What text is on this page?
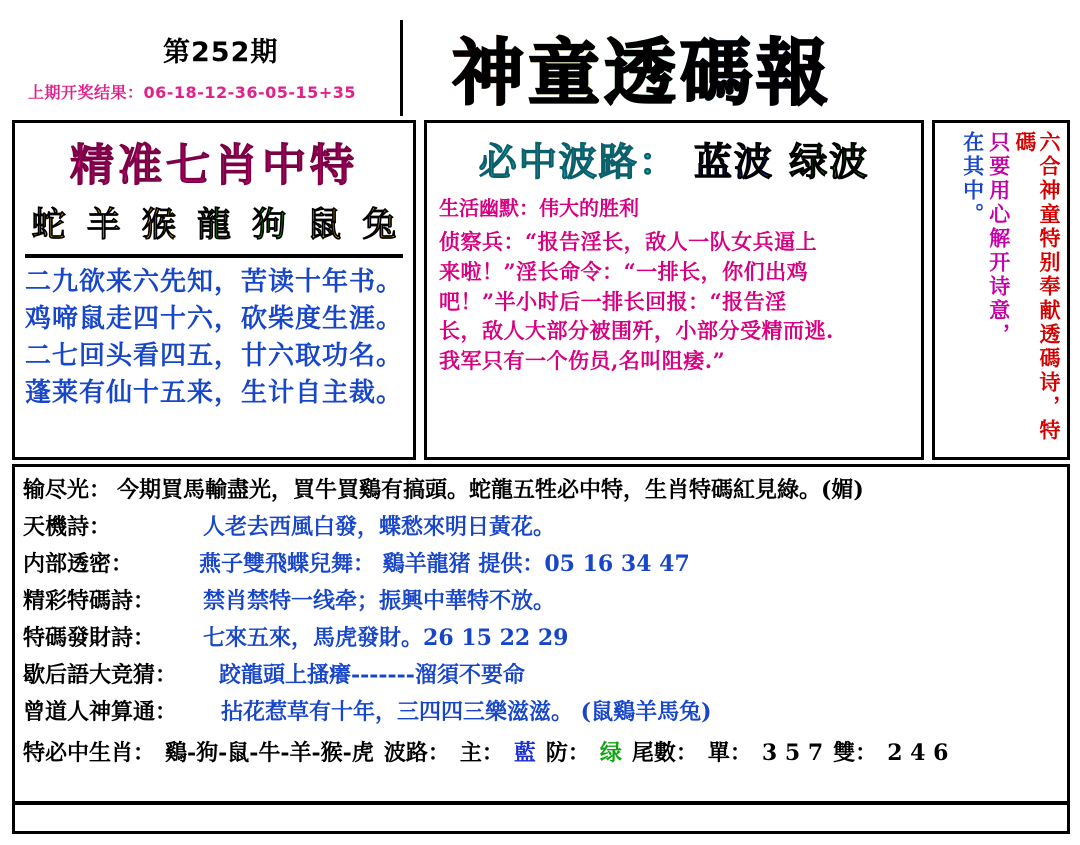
第252期
上期开奖结果：06-18-12-36-05-15+35 神童透碼報
精准七肖中特
蛇 羊 猴 龍 狗 鼠 兔
二九欲来六先知，苦读十年书。
鸡啼鼠走四十六，砍柴度生涯。
二七回头看四五，廿六取功名。
蓬莱有仙十五来，生计自主裁。
必中波路： 蓝波 绿波
生活幽默：伟大的胜利
侦察兵：“报告淫长，敌人一队女兵逼上
来啦！”淫长命令：“一排长，你们出鸡
吧！”半小时后一排长回报：“报告淫
长，敌人大部分被围歼，小部分受精而逃.
我军只有一个伤员,名叫阻痿.”	六合神童特别奉献透碼诗，特碼
只要用心解开诗意，
在其中。
输尽光： 今期買馬輸盡光，買牛買鷄有搞頭。蛇龍五牲必中特，生肖特碼紅見綠。(媚)
天機詩：	人老去西風白發，蝶愁來明日黃花。
内部透密：	燕子雙飛蝶兒舞： 鷄羊龍猪 提供：05 16 34 47
精彩特碼詩： 禁肖禁特一线牵；振興中華特不放。
特碼發財詩： 七來五來，馬虎發財。26 15 22 29
歇后語大竞猜： 跤龍頭上搔癢-------溜須不要命
曾道人神算通： 拈花惹草有十年，三四四三樂滋滋。 (鼠鷄羊馬兔)
特必中生肖： 鷄-狗-鼠-牛-羊-猴-虎 波路： 主： 藍 防： 绿 尾數： 單： 3 5 7 雙： 2 4 6
